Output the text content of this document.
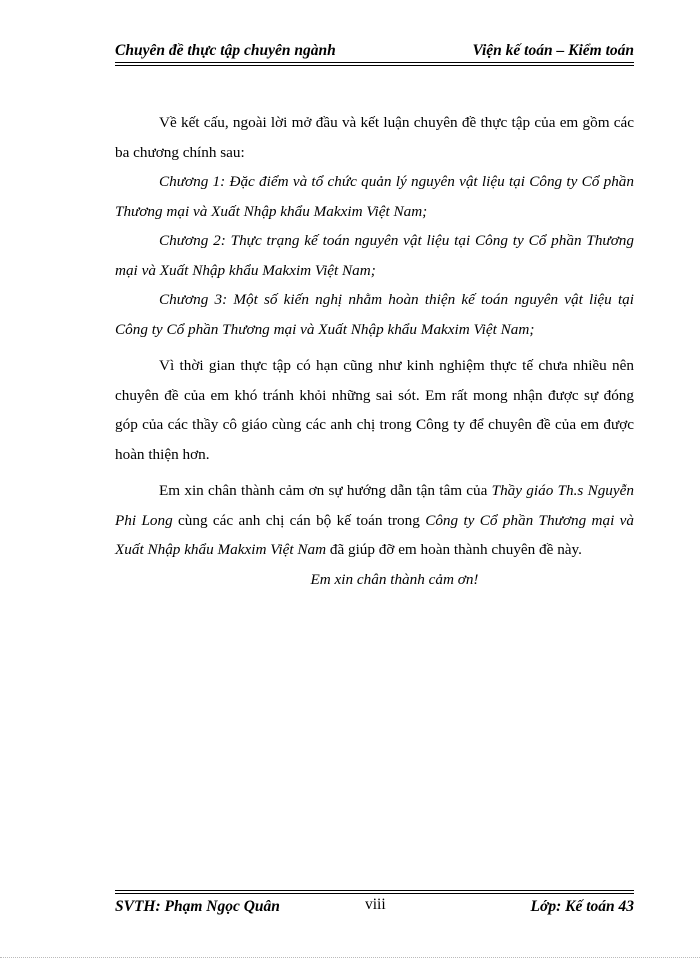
Chuyên đề thực tập chuyên ngành	Viện kế toán – Kiểm toán

Về kết cấu, ngoài lời mở đầu và kết luận chuyên đề thực tập của em gồm các ba chương chính sau:

Chương 1: Đặc điểm và tổ chức quản lý nguyên vật liệu tại Công ty Cổ phần Thương mại và Xuất Nhập khẩu Makxim Việt Nam;

Chương 2: Thực trạng kế toán nguyên vật liệu tại Công ty Cổ phần Thương mại và Xuất Nhập khẩu Makxim Việt Nam;

Chương 3: Một số kiến nghị nhằm hoàn thiện kế toán nguyên vật liệu tại Công ty Cổ phần Thương mại và Xuất Nhập khẩu Makxim Việt Nam;

Vì thời gian thực tập có hạn cũng như kinh nghiệm thực tế chưa nhiều nên chuyên đề của em khó tránh khỏi những sai sót. Em rất mong nhận được sự đóng góp của các thầy cô giáo cùng các anh chị trong Công ty để chuyên đề của em được hoàn thiện hơn.

Em xin chân thành cảm ơn sự hướng dẫn tận tâm của Thầy giáo Th.s Nguyễn Phi Long cùng các anh chị cán bộ kế toán trong Công ty Cổ phần Thương mại và Xuất Nhập khẩu Makxim Việt Nam đã giúp đỡ em hoàn thành chuyên đề này.

Em xin chân thành cảm ơn!

SVTH: Phạm Ngọc Quân	viii	Lớp: Kế toán 43
